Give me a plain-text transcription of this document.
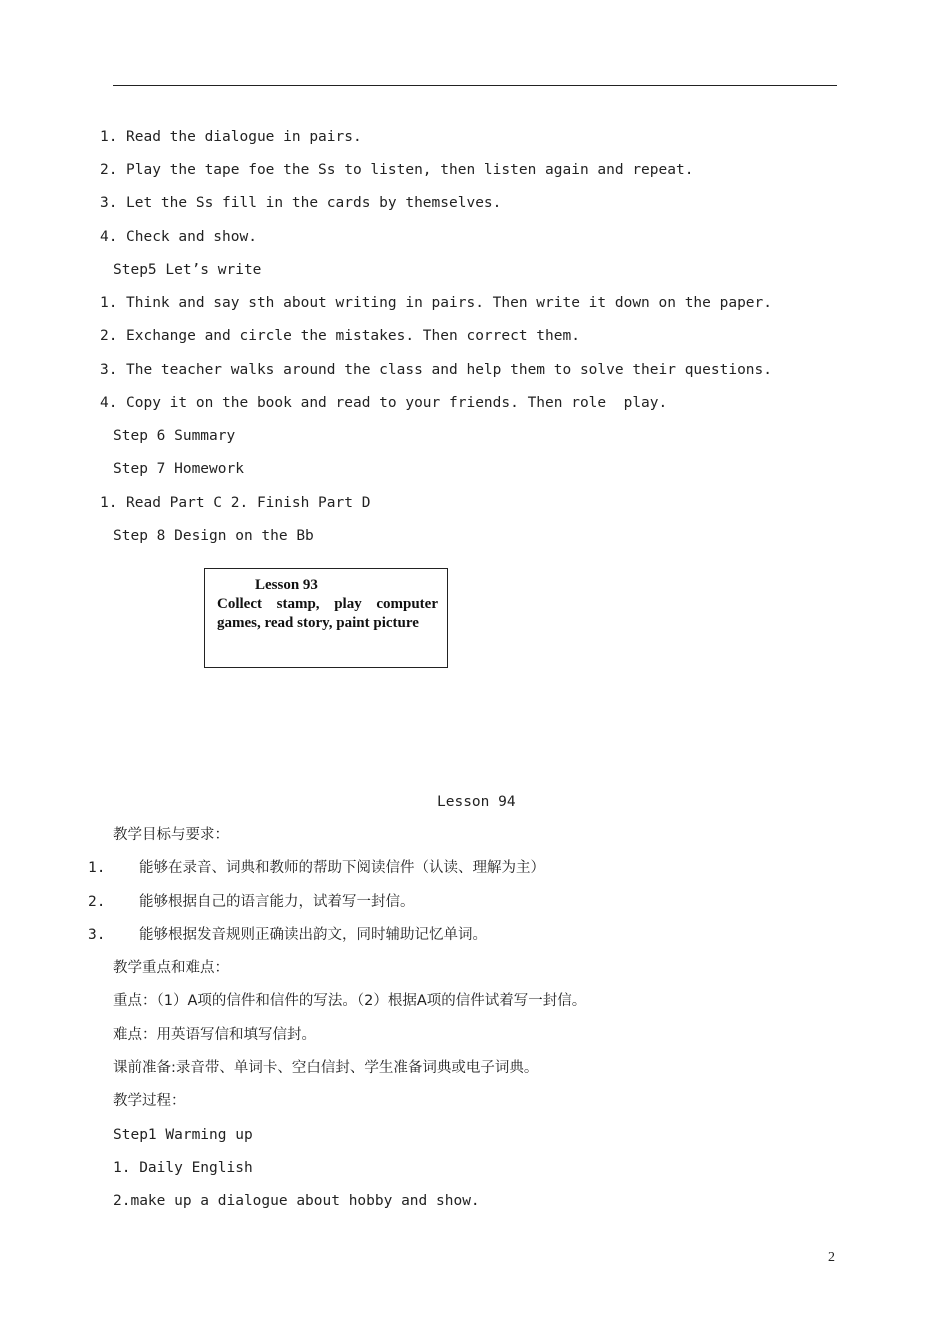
1. Read the dialogue in pairs.
2. Play the tape foe the Ss to listen, then listen again and repeat.
3. Let the Ss fill in the cards by themselves.
4. Check and show.
Step5 Let’s write
1. Think and say sth about writing in pairs. Then write it down on the paper.
2. Exchange and circle the mistakes. Then correct them.
3. The teacher walks around the class and help them to solve their questions.
4. Copy it on the book and read to your friends. Then role  play.
Step 6 Summary
Step 7 Homework
1. Read Part C 2. Finish Part D
Step 8 Design on the Bb
Lesson 93
Collect stamp, play computer games, read story, paint picture
Lesson 94
教学目标与要求：
1. 能够在录音、词典和教师的帮助下阅读信件（认读、理解为主）
2. 能够根据自己的语言能力，试着写一封信。
3. 能够根据发音规则正确读出韵文，同时辅助记忆单词。
教学重点和难点：
重点：（1）A项的信件和信件的写法。（2）根据A项的信件试着写一封信。
难点：用英语写信和填写信封。
课前准备:录音带、单词卡、空白信封、学生准备词典或电子词典。
教学过程：
Step1 Warming up
1. Daily English
2.make up a dialogue about hobby and show.
2
